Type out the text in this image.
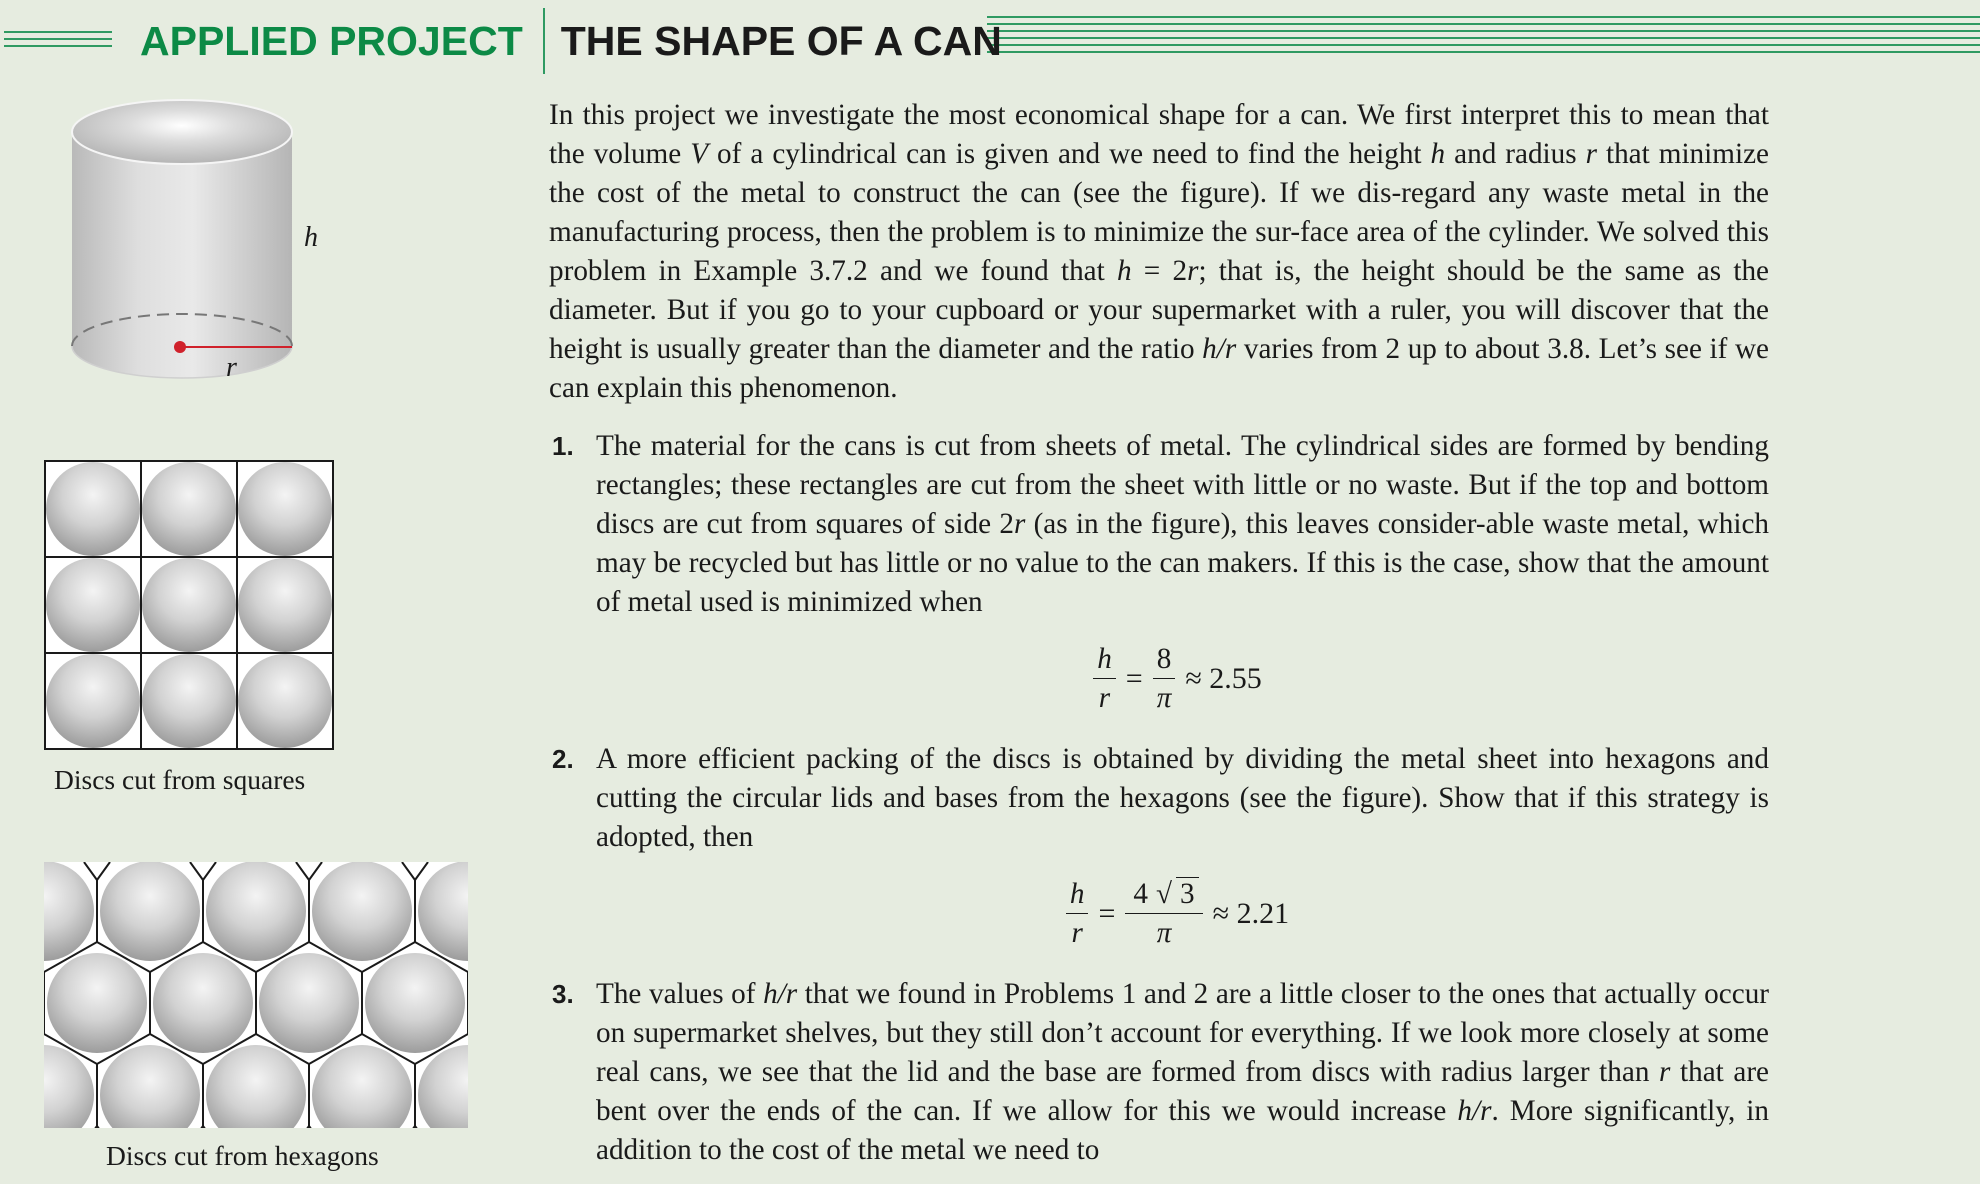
APPLIED PROJECT THE SHAPE OF A CAN
h
r
Discs cut from squares
Discs cut from hexagons

In this project we investigate the most economical shape for a can. We first interpret this to mean that the volume V of a cylindrical can is given and we need to find the height h and radius r that minimize the cost of the metal to construct the can (see the figure). If we dis-regard any waste metal in the manufacturing process, then the problem is to minimize the sur-face area of the cylinder. We solved this problem in Example 3.7.2 and we found that h = 2r; that is, the height should be the same as the diameter. But if you go to your cupboard or your supermarket with a ruler, you will discover that the height is usually greater than the diameter and the ratio h/r varies from 2 up to about 3.8. Let’s see if we can explain this phenomenon.

1. The material for the cans is cut from sheets of metal. The cylindrical sides are formed by bending rectangles; these rectangles are cut from the sheet with little or no waste. But if the top and bottom discs are cut from squares of side 2r (as in the figure), this leaves consider-able waste metal, which may be recycled but has little or no value to the can makers. If this is the case, show that the amount of metal used is minimized when
$\frac{h}{r} = \frac{8}{\pi} \approx 2.55$
2. A more efficient packing of the discs is obtained by dividing the metal sheet into hexagons and cutting the circular lids and bases from the hexagons (see the figure). Show that if this strategy is adopted, then
$\frac{h}{r} = \frac{4 √ 3}{\pi} \approx 2.21$
3. The values of h/r that we found in Problems 1 and 2 are a little closer to the ones that actually occur on supermarket shelves, but they still don’t account for everything. If we look more closely at some real cans, we see that the lid and the base are formed from discs with radius larger than r that are bent over the ends of the can. If we allow for this we would increase h/r. More significantly, in addition to the cost of the metal we need to
